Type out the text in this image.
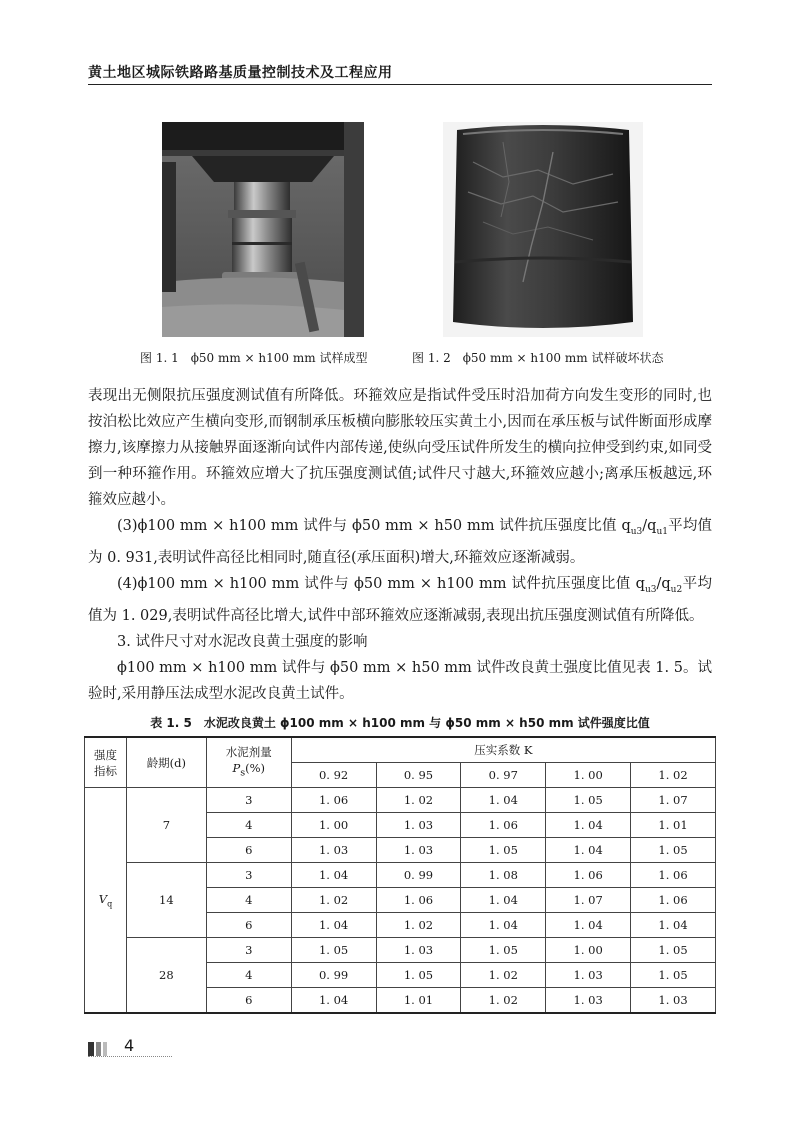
黄土地区城际铁路路基质量控制技术及工程应用
图 1. 1　ϕ50 mm × h100 mm 试样成型	图 1. 2　ϕ50 mm × h100 mm 试样破坏状态

表现出无侧限抗压强度测试值有所降低。环箍效应是指试件受压时沿加荷方向发生变形的同时,也按泊松比效应产生横向变形,而钢制承压板横向膨胀较压实黄土小,因而在承压板与试件断面形成摩擦力,该摩擦力从接触界面逐渐向试件内部传递,使纵向受压试件所发生的横向拉伸受到约束,如同受到一种环箍作用。环箍效应增大了抗压强度测试值;试件尺寸越大,环箍效应越小;离承压板越远,环箍效应越小。

(3)ϕ100 mm × h100 mm 试件与 ϕ50 mm × h50 mm 试件抗压强度比值 $q_{u3}/q_{u1}$平均值为 0. 931,表明试件高径比相同时,随直径(承压面积)增大,环箍效应逐渐减弱。

(4)ϕ100 mm × h100 mm 试件与 ϕ50 mm × h100 mm 试件抗压强度比值 $q_{u3}/q_{u2}$平均值为 1. 029,表明试件高径比增大,试件中部环箍效应逐渐减弱,表现出抗压强度测试值有所降低。

3. 试件尺寸对水泥改良黄土强度的影响

ϕ100 mm × h100 mm 试件与 ϕ50 mm × h50 mm 试件改良黄土强度比值见表 1. 5。试验时,采用静压法成型水泥改良黄土试件。

表 1. 5　水泥改良黄土 ϕ100 mm × h100 mm 与 ϕ50 mm × h50 mm 试件强度比值
强度
指标	龄期(d)	水泥剂量
$P_s(\%)$	压实系数 K				
			0. 92	0. 95	0. 97	1. 00	1. 02
$V_q$	7	3	1. 06	1. 02	1. 04	1. 05	1. 07
		4	1. 00	1. 03	1. 06	1. 04	1. 01
		6	1. 03	1. 03	1. 05	1. 04	1. 05
	14	3	1. 04	0. 99	1. 08	1. 06	1. 06
		4	1. 02	1. 06	1. 04	1. 07	1. 06
		6	1. 04	1. 02	1. 04	1. 04	1. 04
	28	3	1. 05	1. 03	1. 05	1. 00	1. 05
		4	0. 99	1. 05	1. 02	1. 03	1. 05
		6	1. 04	1. 01	1. 02	1. 03	1. 03
4
